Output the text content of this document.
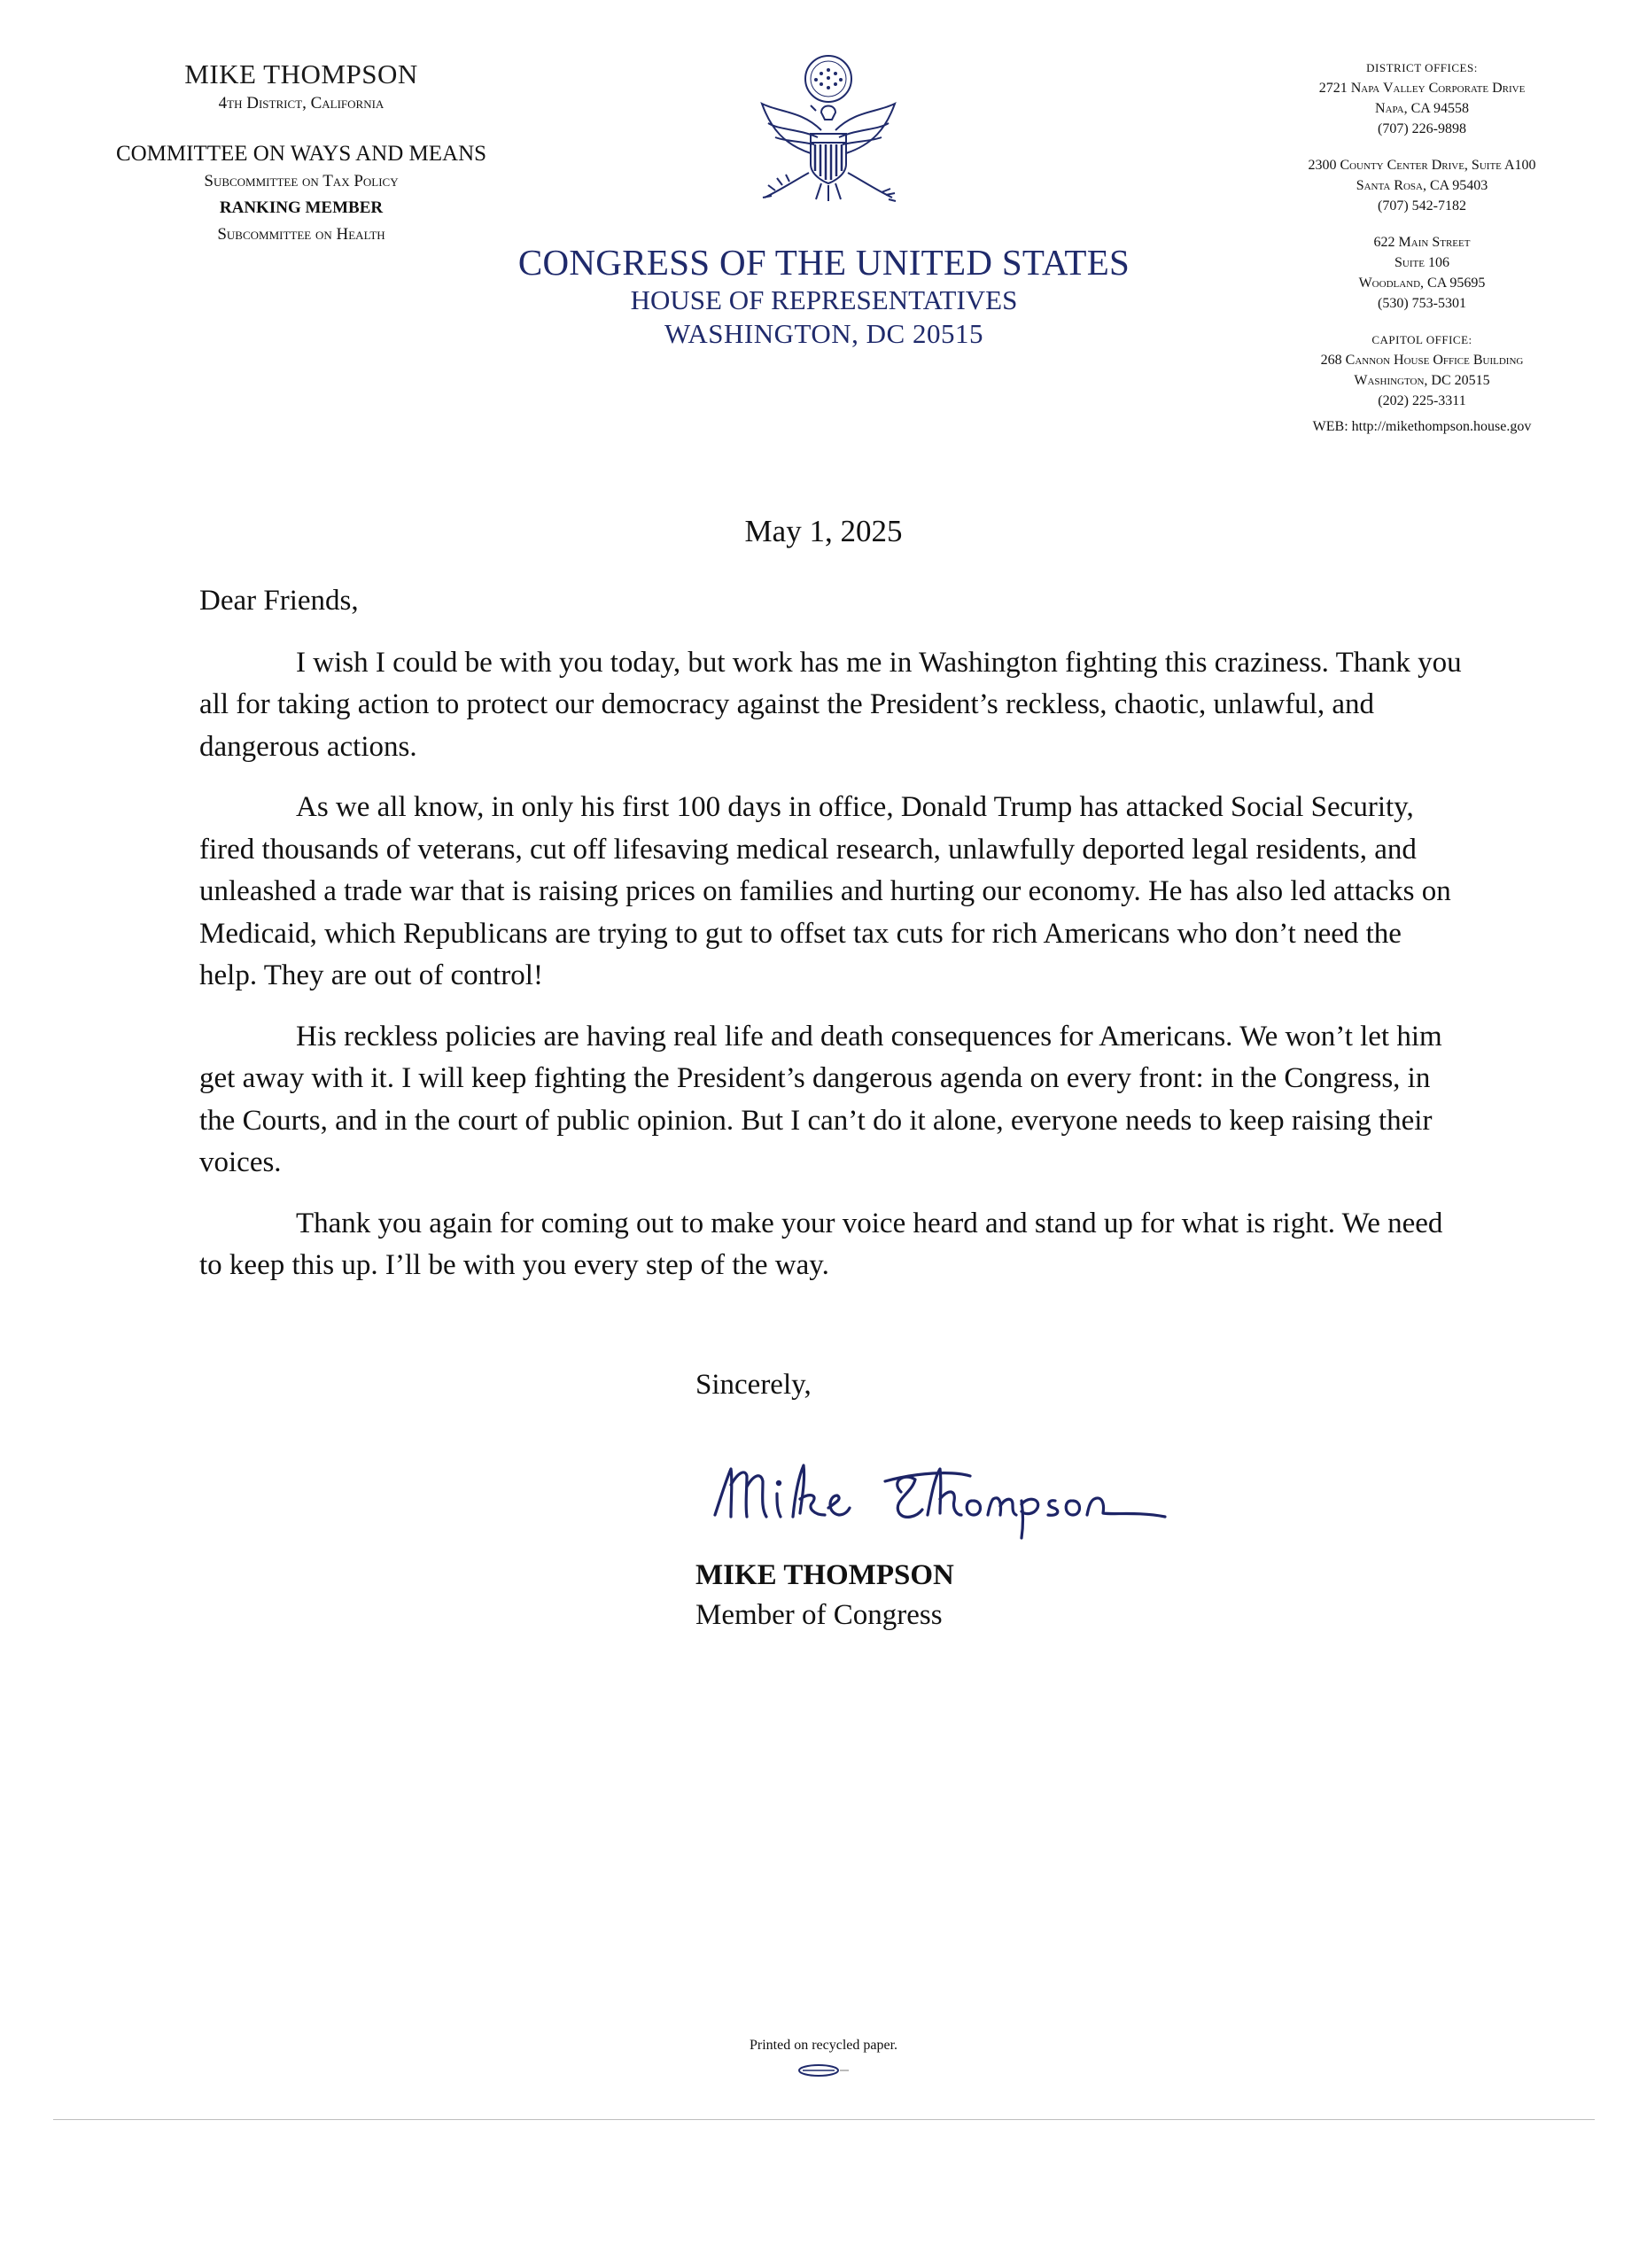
MIKE THOMPSON
4th District, California
COMMITTEE ON WAYS AND MEANS
Subcommittee on Tax Policy
RANKING MEMBER
Subcommittee on Health
CONGRESS OF THE UNITED STATES
HOUSE OF REPRESENTATIVES
WASHINGTON, DC 20515
DISTRICT OFFICES:
2721 Napa Valley Corporate Drive
Napa, CA 94558
(707) 226-9898
2300 County Center Drive, Suite A100
Santa Rosa, CA 95403
(707) 542-7182
622 Main Street
Suite 106
Woodland, CA 95695
(530) 753-5301
CAPITOL OFFICE:
268 Cannon House Office Building
Washington, DC 20515
(202) 225-3311
WEB: http://mikethompson.house.gov
May 1, 2025

Dear Friends,

I wish I could be with you today, but work has me in Washington fighting this craziness. Thank you all for taking action to protect our democracy against the President’s reckless, chaotic, unlawful, and dangerous actions.

As we all know, in only his first 100 days in office, Donald Trump has attacked Social Security, fired thousands of veterans, cut off lifesaving medical research, unlawfully deported legal residents, and unleashed a trade war that is raising prices on families and hurting our economy. He has also led attacks on Medicaid, which Republicans are trying to gut to offset tax cuts for rich Americans who don’t need the help. They are out of control!

His reckless policies are having real life and death consequences for Americans. We won’t let him get away with it. I will keep fighting the President’s dangerous agenda on every front: in the Congress, in the Courts, and in the court of public opinion. But I can’t do it alone, everyone needs to keep raising their voices.

Thank you again for coming out to make your voice heard and stand up for what is right. We need to keep this up. I’ll be with you every step of the way.

Sincerely,
MIKE THOMPSON
Member of Congress
Printed on recycled paper.
